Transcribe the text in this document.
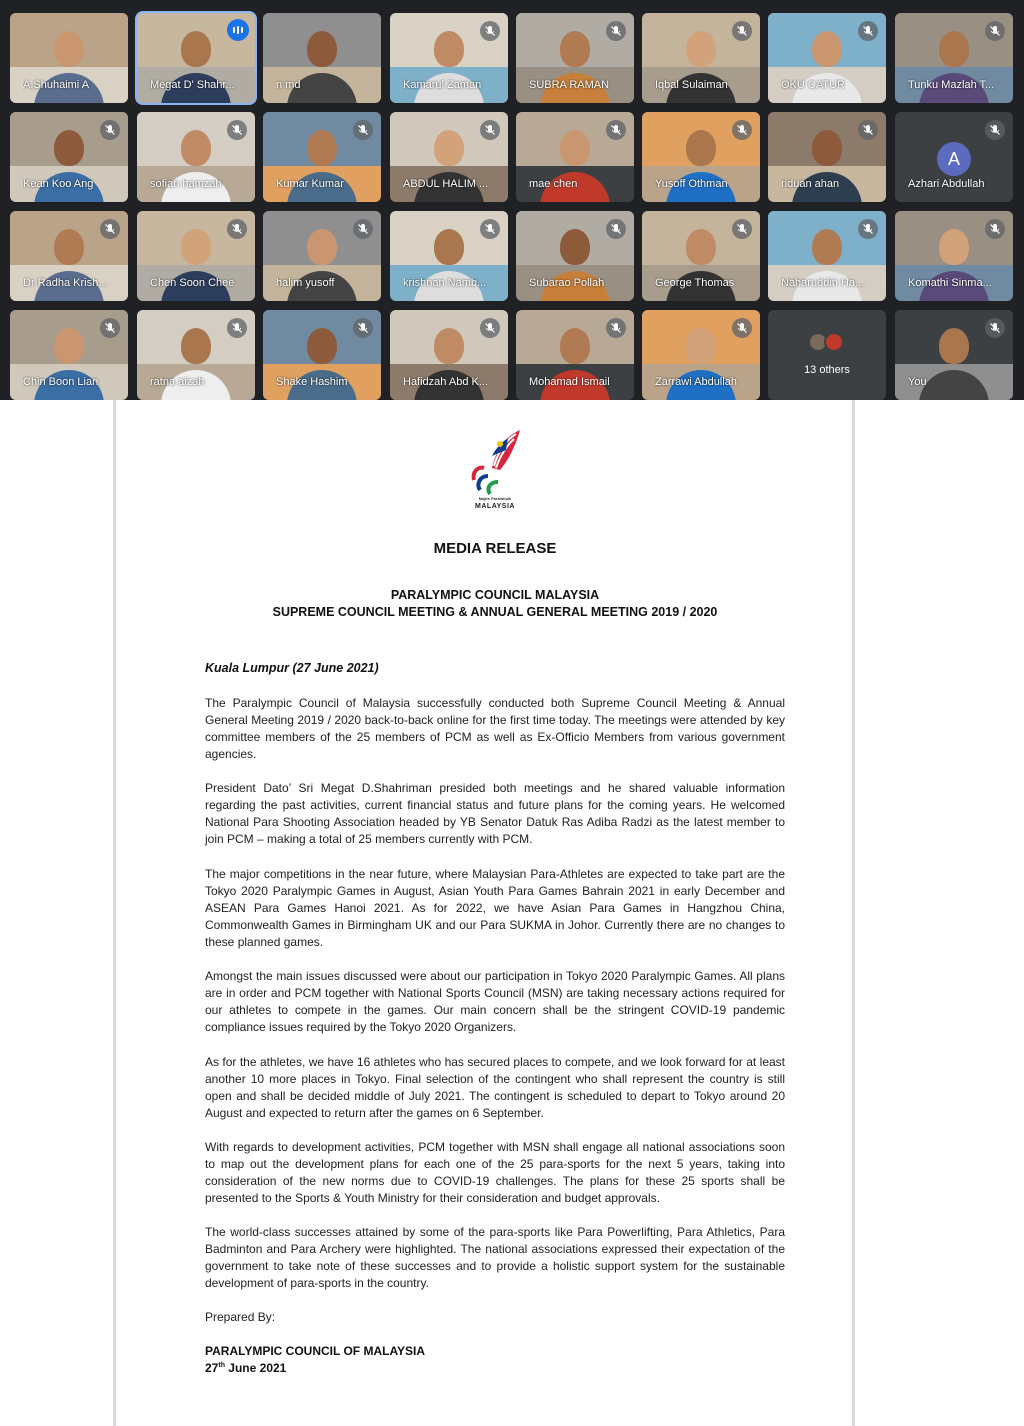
A.Shuhaimi A	Megat D' Shahr...	n md	Kamarul Zaman	SUBRA RAMAN	Iqbal Sulaiman	OKU CATUR	Tunku Mazlah T...
Kean Koo Ang	sofian hamzah	Kumar Kumar	ABDUL HALIM ...	mae chen	Yusoff Othman	riduan ahan
A
Azhari Abdullah
Dr Radha Krish...	Chen Soon Chee	halim yusoff	krishnan Namb...	Subarao Pollah	George Thomas	Naharuddin Ha...	Komathi Sinma...
Chin Boon Lian	ratna aizah	Shake Hashim	Hafidzah Abd K...	Mohamad Ismail	Zarrawi Abdullah
13 others
You
Majlis Paralimpik
MALAYSIA
MEDIA RELEASE
PARALYMPIC COUNCIL MALAYSIA
SUPREME COUNCIL MEETING & ANNUAL GENERAL MEETING 2019 / 2020
Kuala Lumpur (27 June 2021)

The Paralympic Council of Malaysia successfully conducted both Supreme Council Meeting & Annual General Meeting 2019 / 2020 back-to-back online for the first time today. The meetings were attended by key committee members of the 25 members of PCM as well as Ex-Officio Members from various government agencies.

President Dato’ Sri Megat D.Shahriman presided both meetings and he shared valuable information regarding the past activities, current financial status and future plans for the coming years. He welcomed National Para Shooting Association headed by YB Senator Datuk Ras Adiba Radzi as the latest member to join PCM – making a total of 25 members currently with PCM.

The major competitions in the near future, where Malaysian Para-Athletes are expected to take part are the Tokyo 2020 Paralympic Games in August, Asian Youth Para Games Bahrain 2021 in early December and ASEAN Para Games Hanoi 2021. As for 2022, we have Asian Para Games in Hangzhou China, Commonwealth Games in Birmingham UK and our Para SUKMA in Johor. Currently there are no changes to these planned games.

Amongst the main issues discussed were about our participation in Tokyo 2020 Paralympic Games. All plans are in order and PCM together with National Sports Council (MSN) are taking necessary actions required for our athletes to compete in the games. Our main concern shall be the stringent COVID-19 pandemic compliance issues required by the Tokyo 2020 Organizers.

As for the athletes, we have 16 athletes who has secured places to compete, and we look forward for at least another 10 more places in Tokyo. Final selection of the contingent who shall represent the country is still open and shall be decided middle of July 2021. The contingent is scheduled to depart to Tokyo around 20 August and expected to return after the games on 6 September.

With regards to development activities, PCM together with MSN shall engage all national associations soon to map out the development plans for each one of the 25 para-sports for the next 5 years, taking into consideration of the new norms due to COVID-19 challenges. The plans for these 25 sports shall be presented to the Sports & Youth Ministry for their consideration and budget approvals.

The world-class successes attained by some of the para-sports like Para Powerlifting, Para Athletics, Para Badminton and Para Archery were highlighted. The national associations expressed their expectation of the government to take note of these successes and to provide a holistic support system for the sustainable development of para-sports in the country.

Prepared By:
PARALYMPIC COUNCIL OF MALAYSIA
27th June 2021
